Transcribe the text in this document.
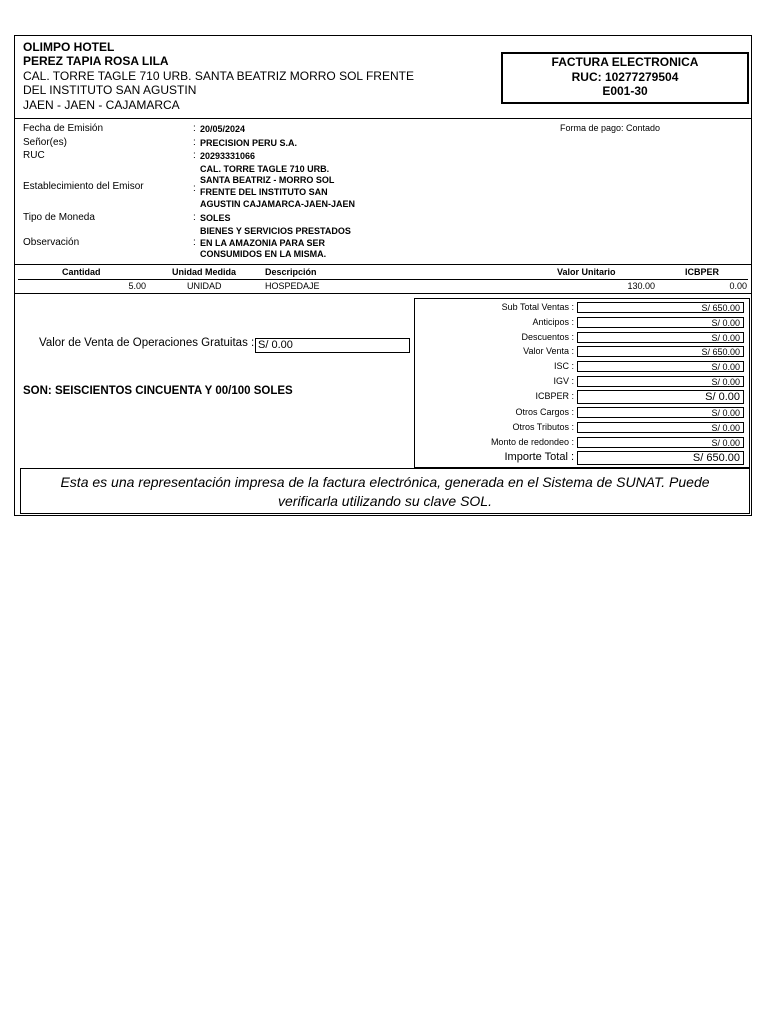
OLIMPO HOTEL
PEREZ TAPIA ROSA LILA
CAL. TORRE TAGLE 710 URB. SANTA BEATRIZ MORRO SOL FRENTE
DEL INSTITUTO SAN AGUSTIN
JAEN - JAEN - CAJAMARCA
FACTURA ELECTRONICA
RUC: 10277279504
E001-30
Fecha de Emisión	: 20/05/2024	Forma de pago: Contado
Señor(es)	: PRECISION PERU S.A.
RUC	: 20293331066
Establecimiento del Emisor	:
CAL. TORRE TAGLE 710 URB.
SANTA BEATRIZ - MORRO SOL
FRENTE DEL INSTITUTO SAN
AGUSTIN CAJAMARCA-JAEN-JAEN
Tipo de Moneda	: SOLES
Observación	:
BIENES Y SERVICIOS PRESTADOS
EN LA AMAZONIA PARA SER
CONSUMIDOS EN LA MISMA.
Cantidad	Unidad Medida	Descripción	Valor Unitario	ICBPER
5.00	UNIDAD	HOSPEDAJE	130.00	0.00
Valor de Venta de Operaciones Gratuitas : S/ 0.00
SON: SEISCIENTOS CINCUENTA Y 00/100 SOLES
Sub Total Ventas :	S/ 650.00
Anticipos :	S/ 0.00
Descuentos :	S/ 0.00
Valor Venta :	S/ 650.00
ISC :	S/ 0.00
IGV :	S/ 0.00
ICBPER :	S/ 0.00
Otros Cargos :	S/ 0.00
Otros Tributos :	S/ 0.00
Monto de redondeo :	S/ 0.00
Importe Total :	S/ 650.00
Esta es una representación impresa de la factura electrónica, generada en el Sistema de SUNAT. Puede
verificarla utilizando su clave SOL.
